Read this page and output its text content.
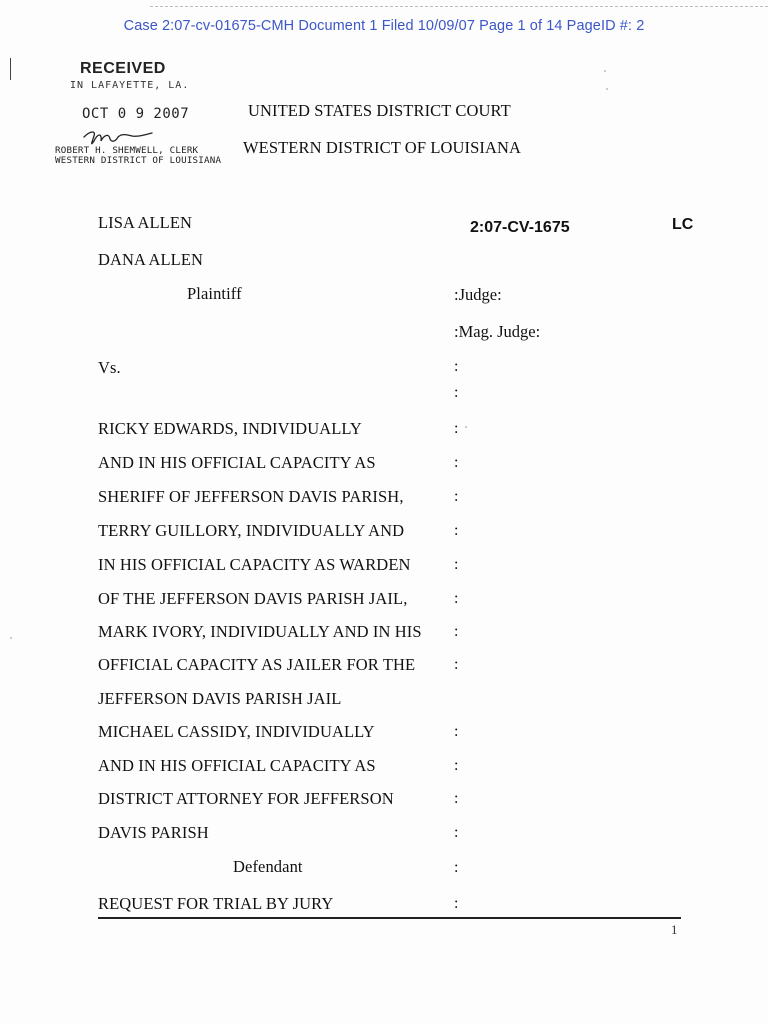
Case 2:07-cv-01675-CMH Document 1 Filed 10/09/07 Page 1 of 14 PageID #: 2
RECEIVED
IN LAFAYETTE, LA.
OCT 0 9 2007
ROBERT H. SHEMWELL, CLERK
WESTERN DISTRICT OF LOUISIANA
UNITED STATES DISTRICT COURT
WESTERN DISTRICT OF LOUISIANA
2:07-CV-1675	LC
LISA ALLEN
DANA ALLEN
Plaintiff	:Judge:
:Mag. Judge:
Vs.	:
:
RICKY EDWARDS, INDIVIDUALLY	:
AND IN HIS OFFICIAL CAPACITY AS	:
SHERIFF OF JEFFERSON DAVIS PARISH,	:
TERRY GUILLORY, INDIVIDUALLY AND	:
IN HIS OFFICIAL CAPACITY AS WARDEN	:
OF THE JEFFERSON DAVIS PARISH JAIL,	:
MARK IVORY, INDIVIDUALLY AND IN HIS :
OFFICIAL CAPACITY AS JAILER FOR THE :
JEFFERSON DAVIS PARISH JAIL
MICHAEL CASSIDY, INDIVIDUALLY	:
AND IN HIS OFFICIAL CAPACITY AS	:
DISTRICT ATTORNEY FOR JEFFERSON	:
DAVIS PARISH	:
Defendant	:
REQUEST FOR TRIAL BY JURY	:
1
